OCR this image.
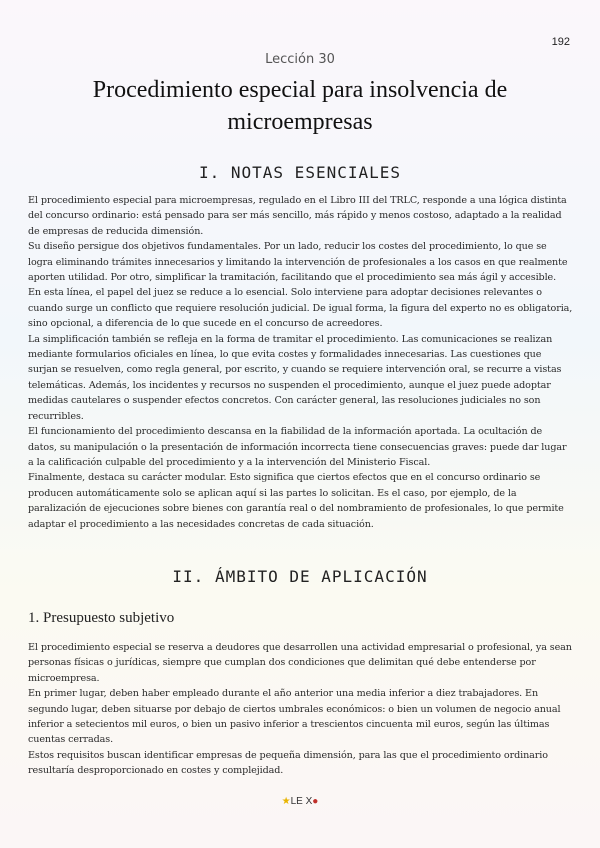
192
Lección 30
Procedimiento especial para insolvencia de microempresas
I. NOTAS ESENCIALES

El procedimiento especial para microempresas, regulado en el Libro III del TRLC, responde a una lógica distinta del concurso ordinario: está pensado para ser más sencillo, más rápido y menos costoso, adaptado a la realidad de empresas de reducida dimensión.

Su diseño persigue dos objetivos fundamentales. Por un lado, reducir los costes del procedimiento, lo que se logra eliminando trámites innecesarios y limitando la intervención de profesionales a los casos en que realmente aporten utilidad. Por otro, simplificar la tramitación, facilitando que el procedimiento sea más ágil y accesible.

En esta línea, el papel del juez se reduce a lo esencial. Solo interviene para adoptar decisiones relevantes o cuando surge un conflicto que requiere resolución judicial. De igual forma, la figura del experto no es obligatoria, sino opcional, a diferencia de lo que sucede en el concurso de acreedores.

La simplificación también se refleja en la forma de tramitar el procedimiento. Las comunicaciones se realizan mediante formularios oficiales en línea, lo que evita costes y formalidades innecesarias. Las cuestiones que surjan se resuelven, como regla general, por escrito, y cuando se requiere intervención oral, se recurre a vistas telemáticas. Además, los incidentes y recursos no suspenden el procedimiento, aunque el juez puede adoptar medidas cautelares o suspender efectos concretos. Con carácter general, las resoluciones judiciales no son recurribles.

El funcionamiento del procedimiento descansa en la fiabilidad de la información aportada. La ocultación de datos, su manipulación o la presentación de información incorrecta tiene consecuencias graves: puede dar lugar a la calificación culpable del procedimiento y a la intervención del Ministerio Fiscal.

Finalmente, destaca su carácter modular. Esto significa que ciertos efectos que en el concurso ordinario se producen automáticamente solo se aplican aquí si las partes lo solicitan. Es el caso, por ejemplo, de la paralización de ejecuciones sobre bienes con garantía real o del nombramiento de profesionales, lo que permite adaptar el procedimiento a las necesidades concretas de cada situación.

II. ÁMBITO DE APLICACIÓN
1. Presupuesto subjetivo

El procedimiento especial se reserva a deudores que desarrollen una actividad empresarial o profesional, ya sean personas físicas o jurídicas, siempre que cumplan dos condiciones que delimitan qué debe entenderse por microempresa.

En primer lugar, deben haber empleado durante el año anterior una media inferior a diez trabajadores. En segundo lugar, deben situarse por debajo de ciertos umbrales económicos: o bien un volumen de negocio anual inferior a setecientos mil euros, o bien un pasivo inferior a trescientos cincuenta mil euros, según las últimas cuentas cerradas.

Estos requisitos buscan identificar empresas de pequeña dimensión, para las que el procedimiento ordinario resultaría desproporcionado en costes y complejidad.

★LE X●
